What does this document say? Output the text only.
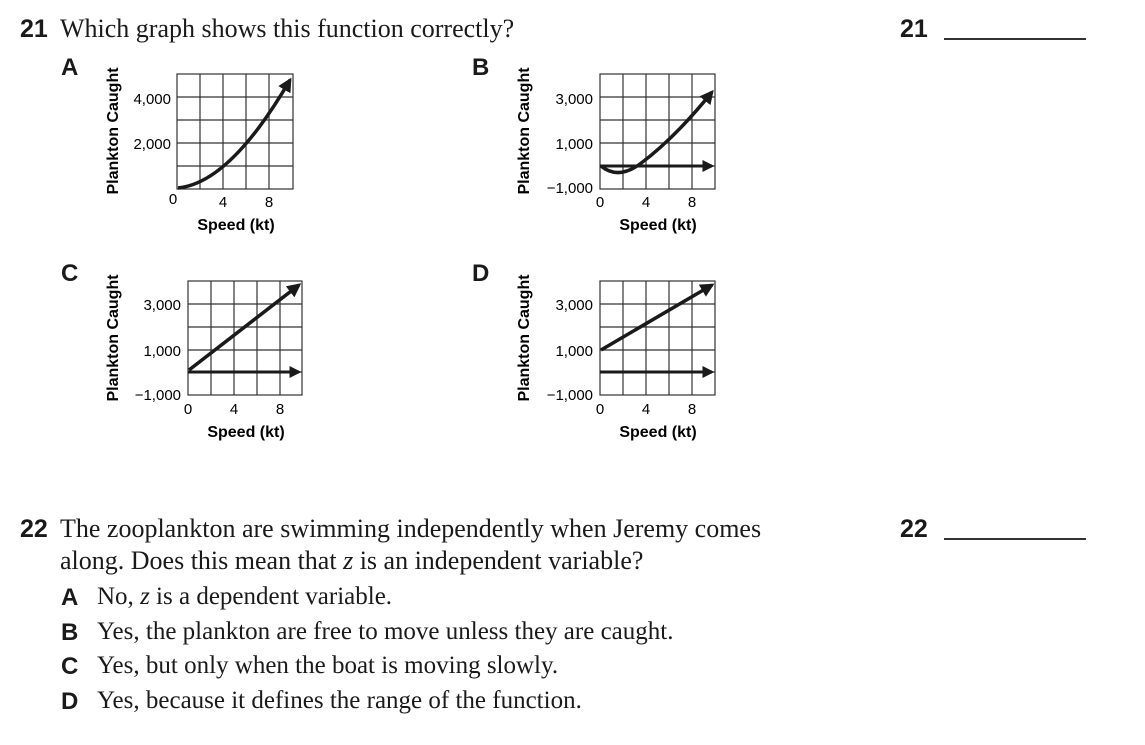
21 Which graph shows this function correctly?	21
A	B
C	D
4,000
2,000
0	4	8
Speed (kt)
Plankton Caught	3,000
1,000
−1,000
0	4	8
Speed (kt)
Plankton Caught
3,000
1,000
−1,000
0	4	8
Speed (kt)
Plankton Caught	3,000
1,000
−1,000
0	4	8
Speed (kt)
Plankton Caught
22 The zooplankton are swimming independently when Jeremy comes
along. Does this mean that z is an independent variable?
22
A No, z is a dependent variable.
B Yes, the plankton are free to move unless they are caught.
C Yes, but only when the boat is moving slowly.
D Yes, because it defines the range of the function.
